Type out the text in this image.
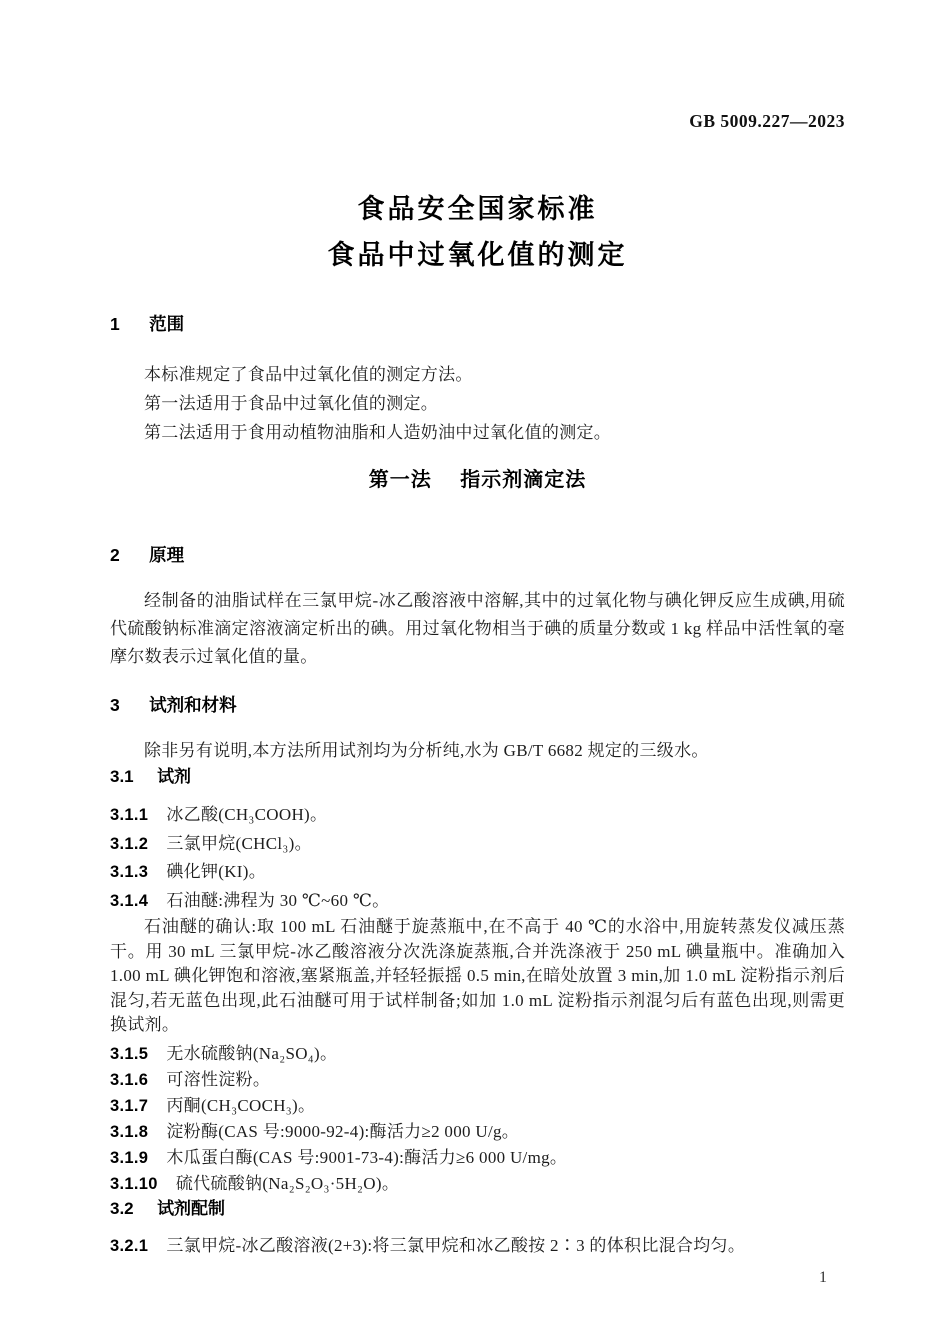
GB 5009.227—2023
食品安全国家标准
食品中过氧化值的测定
1 范围

本标准规定了食品中过氧化值的测定方法。

第一法适用于食品中过氧化值的测定。

第二法适用于食用动植物油脂和人造奶油中过氧化值的测定。

第一法 指示剂滴定法
2 原理

经制备的油脂试样在三氯甲烷-冰乙酸溶液中溶解,其中的过氧化物与碘化钾反应生成碘,用硫代硫酸钠标准滴定溶液滴定析出的碘。用过氧化物相当于碘的质量分数或 1 kg 样品中活性氧的毫摩尔数表示过氧化值的量。

3 试剂和材料

除非另有说明,本方法所用试剂均为分析纯,水为 GB/T 6682 规定的三级水。

3.1 试剂
3.1.1 冰乙酸(CH₃COOH)。
3.1.2 三氯甲烷(CHCl₃)。
3.1.3 碘化钾(KI)。
3.1.4 石油醚:沸程为 30 ℃~60 ℃。

石油醚的确认:取 100 mL 石油醚于旋蒸瓶中,在不高于 40 ℃的水浴中,用旋转蒸发仪减压蒸干。用 30 mL 三氯甲烷-冰乙酸溶液分次洗涤旋蒸瓶,合并洗涤液于 250 mL 碘量瓶中。准确加入 1.00 mL 碘化钾饱和溶液,塞紧瓶盖,并轻轻振摇 0.5 min,在暗处放置 3 min,加 1.0 mL 淀粉指示剂后混匀,若无蓝色出现,此石油醚可用于试样制备;如加 1.0 mL 淀粉指示剂混匀后有蓝色出现,则需更换试剂。

3.1.5 无水硫酸钠(Na₂SO₄)。
3.1.6 可溶性淀粉。
3.1.7 丙酮(CH₃COCH₃)。
3.1.8 淀粉酶(CAS 号:9000-92-4):酶活力≥2 000 U/g。
3.1.9 木瓜蛋白酶(CAS 号:9001-73-4):酶活力≥6 000 U/mg。
3.1.10 硫代硫酸钠(Na₂S₂O₃·5H₂O)。
3.2 试剂配制
3.2.1 三氯甲烷-冰乙酸溶液(2+3):将三氯甲烷和冰乙酸按 2∶3 的体积比混合均匀。
1
